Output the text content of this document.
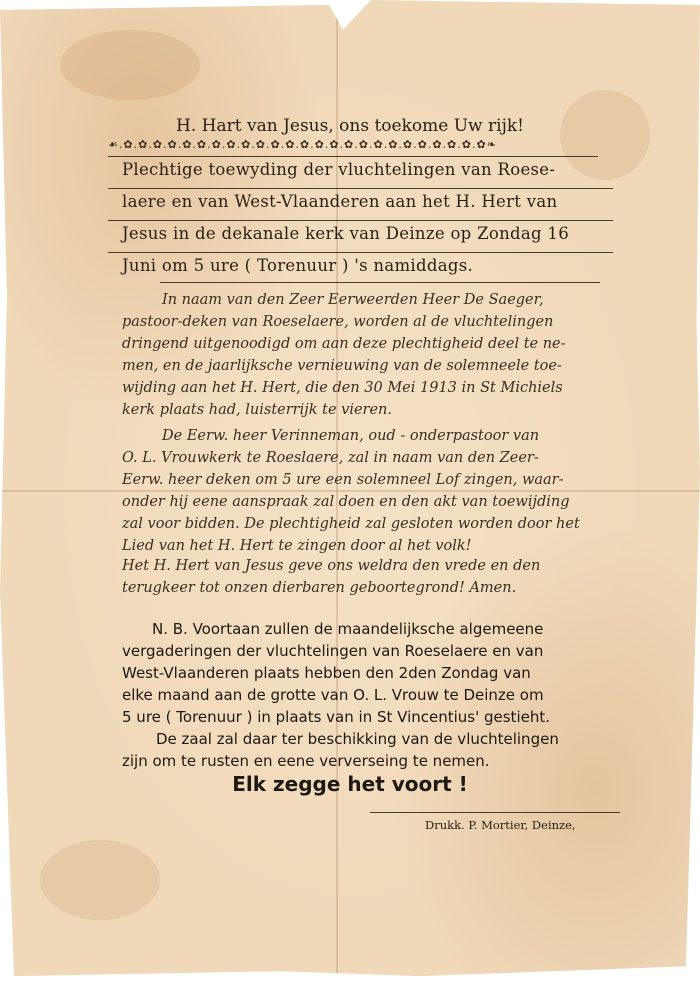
H. Hart van Jesus, ons toekome Uw rijk!
☙.✿.✿.✿.✿.✿.✿.✿.✿.✿.✿.✿.✿.✿.✿.✿.✿.✿.✿.✿.✿.✿.✿.✿.✿.✿❧
Plechtige toewyding der vluchtelingen van Roese-
laere en van West-Vlaanderen aan het H. Hert van
Jesus in de dekanale kerk van Deinze op Zondag 16
Juni om 5 ure ( Torenuur ) 's namiddags.
In naam van den Zeer Eerweerden Heer De Saeger,
pastoor-deken van Roeselaere, worden al de vluchtelingen
dringend uitgenoodigd om aan deze plechtigheid deel te ne-
men, en de jaarlijksche vernieuwing van de solemneele toe-
wijding aan het H. Hert, die den 30 Mei 1913 in St Michiels
kerk plaats had, luisterrijk te vieren.
De Eerw. heer Verinneman, oud - onderpastoor van
O. L. Vrouwkerk te Roeslaere, zal in naam van den Zeer-
Eerw. heer deken om 5 ure een solemneel Lof zingen, waar-
onder hij eene aanspraak zal doen en den akt van toewijding
zal voor bidden. De plechtigheid zal gesloten worden door het
Lied van het H. Hert te zingen door al het volk!
Het H. Hert van Jesus geve ons weldra den vrede en den
terugkeer tot onzen dierbaren geboortegrond! Amen.
N. B. Voortaan zullen de maandelijksche algemeene
vergaderingen der vluchtelingen van Roeselaere en van
West-Vlaanderen plaats hebben den 2den Zondag van
elke maand aan de grotte van O. L. Vrouw te Deinze om
5 ure ( Torenuur ) in plaats van in St Vincentius' gestieht.
De zaal zal daar ter beschikking van de vluchtelingen
zijn om te rusten en eene ververseing te nemen.
Elk zegge het voort !
Drukk. P. Mortier, Deinze,
